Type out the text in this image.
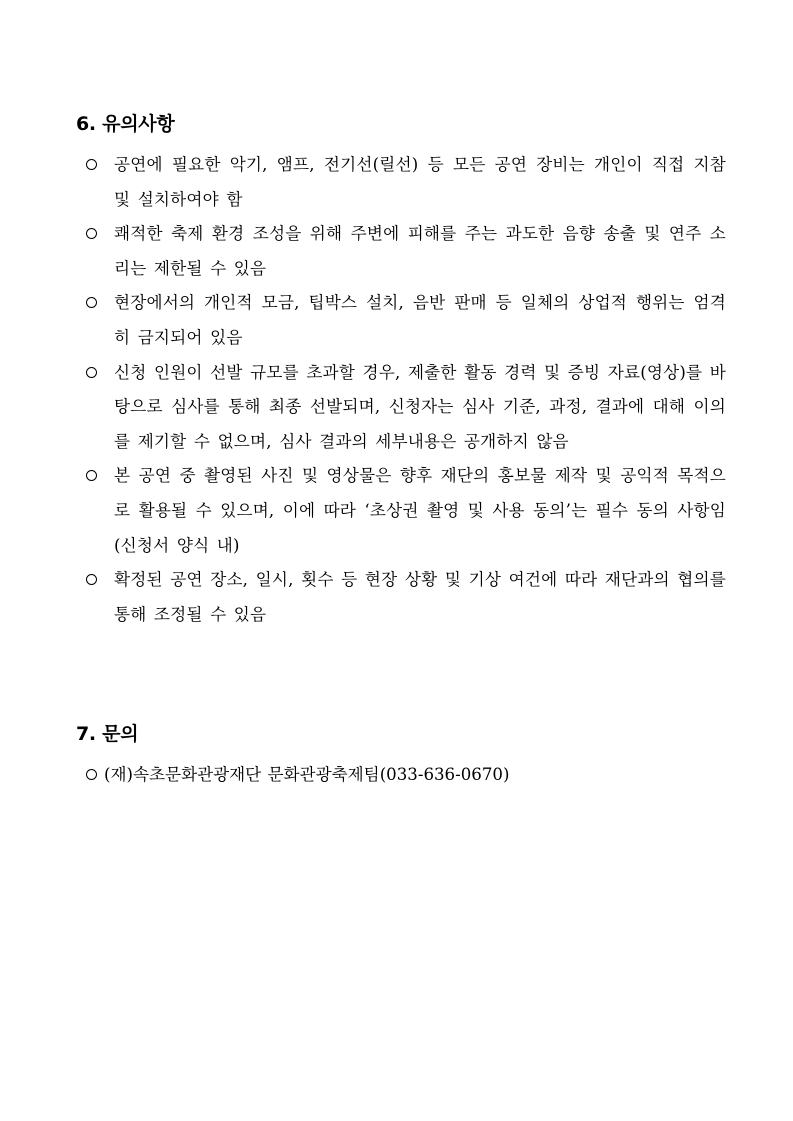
6. 유의사항
공연에 필요한 악기, 앰프, 전기선(릴선) 등 모든 공연 장비는 개인이 직접 지참 및 설치하여야 함
쾌적한 축제 환경 조성을 위해 주변에 피해를 주는 과도한 음향 송출 및 연주 소리는 제한될 수 있음
현장에서의 개인적 모금, 팁박스 설치, 음반 판매 등 일체의 상업적 행위는 엄격히 금지되어 있음
신청 인원이 선발 규모를 초과할 경우, 제출한 활동 경력 및 증빙 자료(영상)를 바탕으로 심사를 통해 최종 선발되며, 신청자는 심사 기준, 과정, 결과에 대해 이의를 제기할 수 없으며, 심사 결과의 세부내용은 공개하지 않음
본 공연 중 촬영된 사진 및 영상물은 향후 재단의 홍보물 제작 및 공익적 목적으로 활용될 수 있으며, 이에 따라 ‘초상권 촬영 및 사용 동의’는 필수 동의 사항임(신청서 양식 내)
확정된 공연 장소, 일시, 횟수 등 현장 상황 및 기상 여건에 따라 재단과의 협의를 통해 조정될 수 있음
7. 문의
(재)속초문화관광재단 문화관광축제팀(033-636-0670)
